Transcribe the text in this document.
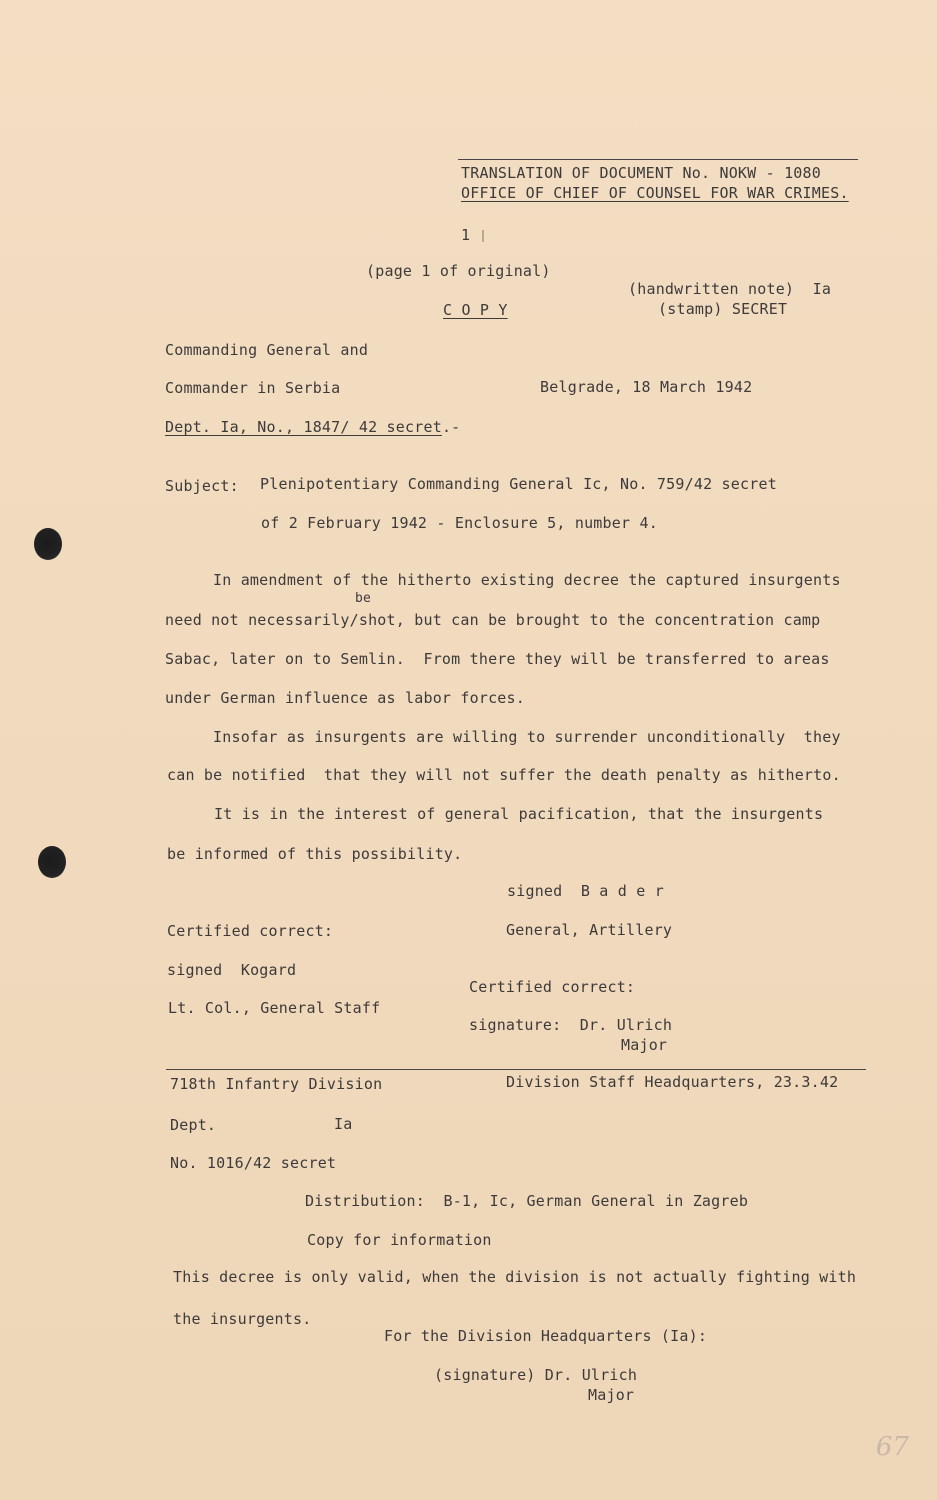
TRANSLATION OF DOCUMENT No. NOKW - 1080
OFFICE OF CHIEF OF COUNSEL FOR WAR CRIMES.
1
(page 1 of original)
(handwritten note)  Ia
C O P Y	(stamp) SECRET
Commanding General and
Commander in Serbia	Belgrade, 18 March 1942
Dept. Ia, No., 1847/ 42 secret.-
Subject: Plenipotentiary Commanding General Ic, No. 759/42 secret
of 2 February 1942 - Enclosure 5, number 4.
In amendment of the hitherto existing decree the captured insurgents
be
need not necessarily/shot, but can be brought to the concentration camp
Sabac, later on to Semlin.  From there they will be transferred to areas
under German influence as labor forces.
Insofar as insurgents are willing to surrender unconditionally  they
can be notified  that they will not suffer the death penalty as hitherto.
It is in the interest of general pacification, that the insurgents
be informed of this possibility.
signed  B a d e r
Certified correct:	General, Artillery
signed  Kogard
Certified correct:
Lt. Col., General Staff
signature:  Dr. Ulrich
Major
718th Infantry Division	Division Staff Headquarters, 23.3.42
Dept.	Ia
No. 1016/42 secret
Distribution:  B-1, Ic, German General in Zagreb
Copy for information
This decree is only valid, when the division is not actually fighting with
the insurgents.
For the Division Headquarters (Ia):
(signature) Dr. Ulrich
Major
67
